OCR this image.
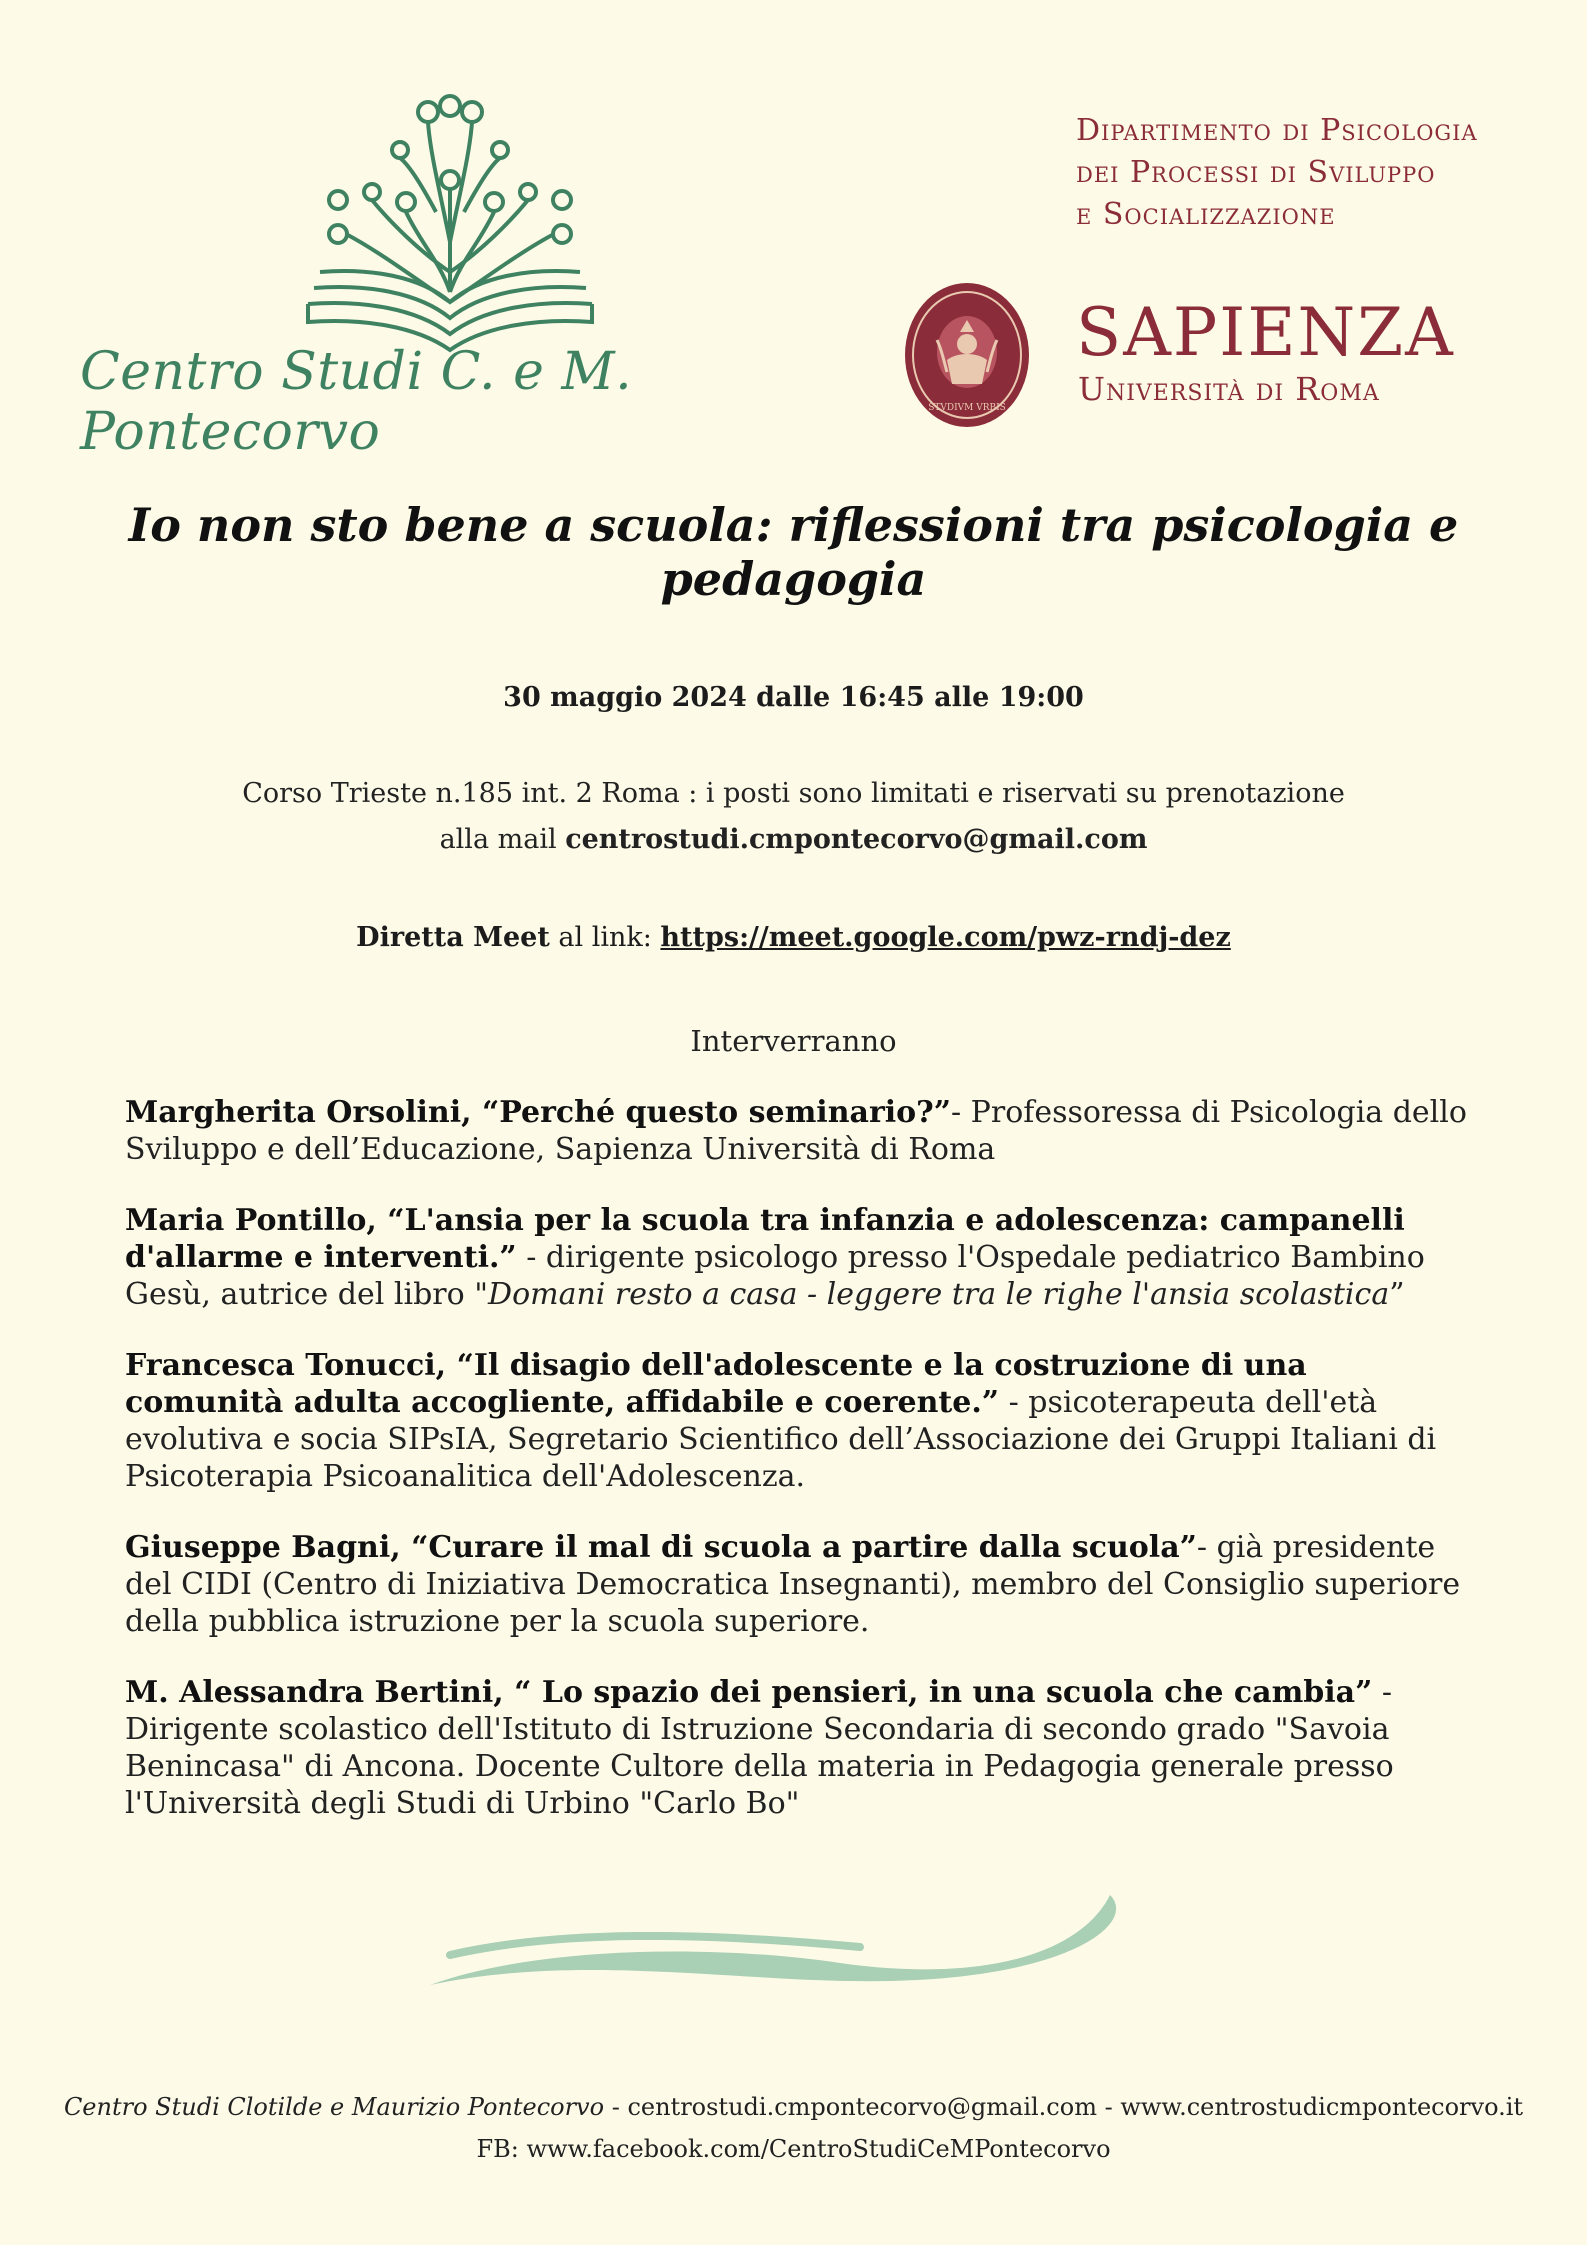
Centro Studi C. e M. Pontecorvo	STVDIVM VRBIS
Dipartimento di Psicologia
dei Processi di Sviluppo
e Socializzazione
SAPIENZA
Università di Roma
Io non sto bene a scuola: riflessioni tra psicologia e pedagogia
30 maggio 2024 dalle 16:45 alle 19:00
Corso Trieste n.185 int. 2 Roma : i posti sono limitati e riservati su prenotazione
alla mail centrostudi.cmpontecorvo@gmail.com
Diretta Meet al link: https://meet.google.com/pwz-rndj-dez
Interverranno
Margherita Orsolini, “Perché questo seminario?”- Professoressa di Psicologia dello Sviluppo e dell’Educazione, Sapienza Università di Roma
Maria Pontillo, “L'ansia per la scuola tra infanzia e adolescenza: campanelli d'allarme e interventi.” - dirigente psicologo presso l'Ospedale pediatrico Bambino Gesù, autrice del libro "Domani resto a casa - leggere tra le righe l'ansia scolastica”
Francesca Tonucci, “Il disagio dell'adolescente e la costruzione di una comunità adulta accogliente, affidabile e coerente.” - psicoterapeuta dell'età evolutiva e socia SIPsIA, Segretario Scientifico dell’Associazione dei Gruppi Italiani di Psicoterapia Psicoanalitica dell'Adolescenza.
Giuseppe Bagni, “Curare il mal di scuola a partire dalla scuola”- già presidente del CIDI (Centro di Iniziativa Democratica Insegnanti), membro del Consiglio superiore della pubblica istruzione per la scuola superiore.
M. Alessandra Bertini, “ Lo spazio dei pensieri, in una scuola che cambia” - Dirigente scolastico dell'Istituto di Istruzione Secondaria di secondo grado "Savoia Benincasa" di Ancona. Docente Cultore della materia in Pedagogia generale presso l'Università degli Studi di Urbino "Carlo Bo"
Centro Studi Clotilde e Maurizio Pontecorvo - centrostudi.cmpontecorvo@gmail.com - www.centrostudicmpontecorvo.it
FB: www.facebook.com/CentroStudiCeMPontecorvo
